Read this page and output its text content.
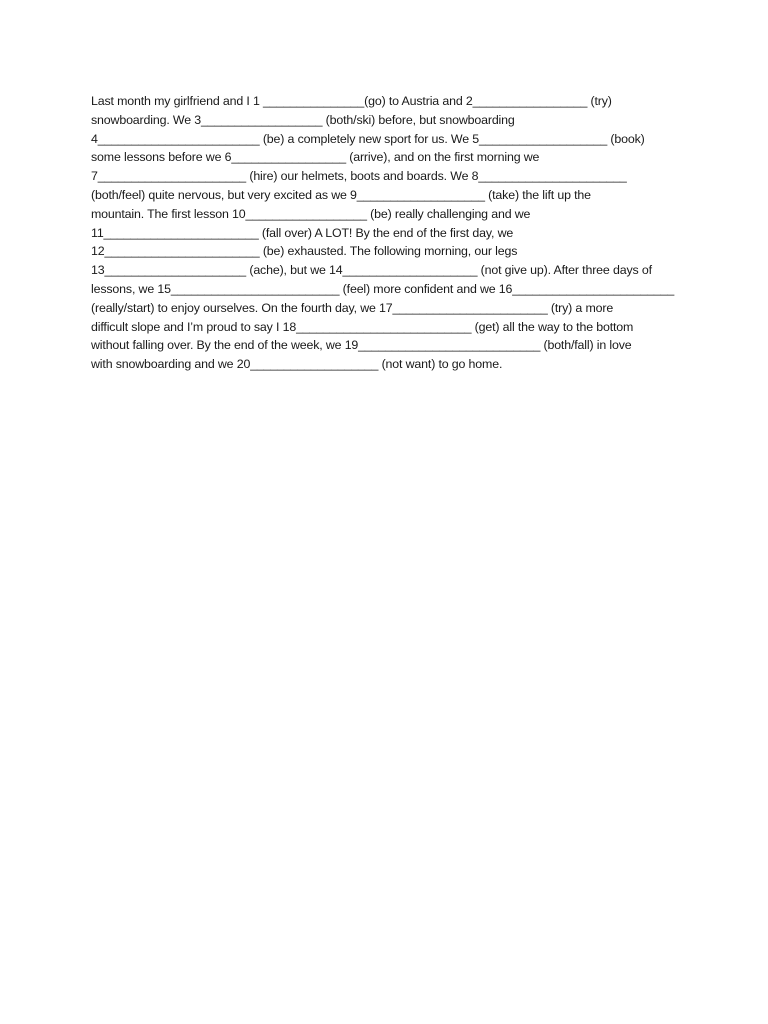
Last month my girlfriend and I 1 _______________(go) to Austria and 2_________________ (try)
snowboarding. We 3__________________ (both/ski) before, but snowboarding
4________________________ (be) a completely new sport for us. We 5___________________ (book)
some lessons before we 6_________________ (arrive), and on the first morning we
7______________________ (hire) our helmets, boots and boards. We 8______________________
(both/feel) quite nervous, but very excited as we 9___________________ (take) the lift up the
mountain. The first lesson 10__________________ (be) really challenging and we
11_______________________ (fall over) A LOT! By the end of the first day, we
12_______________________ (be) exhausted. The following morning, our legs
13_____________________ (ache), but we 14____________________ (not give up). After three days of
lessons, we 15_________________________ (feel) more confident and we 16________________________
(really/start) to enjoy ourselves. On the fourth day, we 17_______________________ (try) a more
difficult slope and I’m proud to say I 18__________________________ (get) all the way to the bottom
without falling over. By the end of the week, we 19___________________________ (both/fall) in love
with snowboarding and we 20___________________ (not want) to go home.
